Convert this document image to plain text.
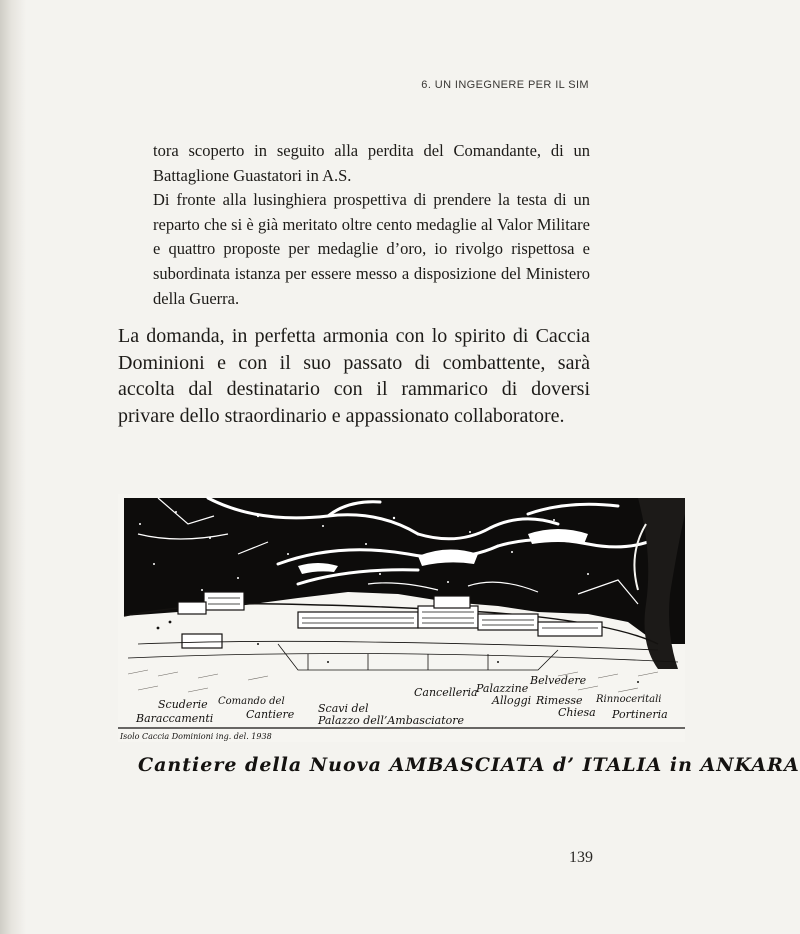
6. UN INGEGNERE PER IL SIM

tora scoperto in seguito alla perdita del Comandante, di un Battaglione Guastatori in A.S.

Di fronte alla lusinghiera prospettiva di prendere la testa di un reparto che si è già meritato oltre cento medaglie al Valor Militare e quattro proposte per medaglie d’oro, io rivolgo rispettosa e subordinata istanza per essere messo a disposizione del Ministero della Guerra.

La domanda, in perfetta armonia con lo spirito di Caccia Dominioni e con il suo passato di combattente, sarà accolta dal destinatario con il rammarico di doversi privare dello straordinario e appassionato collaboratore.

Scuderie Comando del
Cantiere
Baraccamenti
Scavi del
Palazzo dell’Ambasciatore
Cancelleria
Palazzine
Belvedere
Alloggi Rimesse Rinnoceritali
Chiesa Portineria
Isolo Caccia Dominioni ing. del. 1938
Cantiere della Nuova AMBASCIATA d’ ITALIA in ANKARA
139
